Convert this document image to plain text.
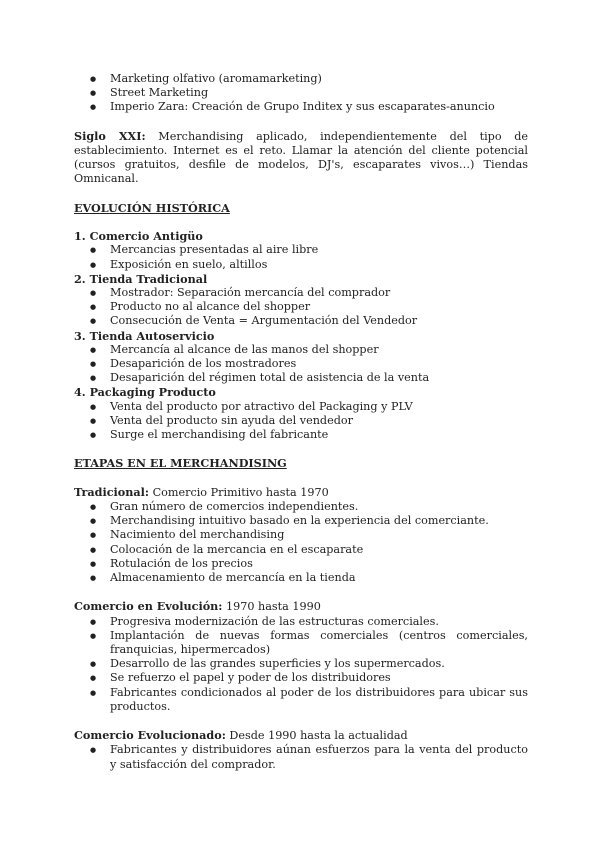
● Marketing olfativo (aromamarketing)
● Street Marketing
● Imperio Zara: Creación de Grupo Inditex y sus escaparates-anuncio

Siglo XXI: Merchandising aplicado, independientemente del tipo de establecimiento. Internet es el reto. Llamar la atención del cliente potencial (cursos gratuitos, desfile de modelos, DJ's, escaparates vivos…) Tiendas Omnicanal.

EVOLUCIÓN HISTÓRICA

1. Comercio Antigüo

● Mercancias presentadas al aire libre
● Exposición en suelo, altillos

2. Tienda Tradicional

● Mostrador: Separación mercancía del comprador
● Producto no al alcance del shopper
● Consecución de Venta = Argumentación del Vendedor

3. Tienda Autoservicio

● Mercancía al alcance de las manos del shopper
● Desaparición de los mostradores
● Desaparición del régimen total de asistencia de la venta

4. Packaging Producto

● Venta del producto por atractivo del Packaging y PLV
● Venta del producto sin ayuda del vendedor
● Surge el merchandising del fabricante

ETAPAS EN EL MERCHANDISING

Tradicional: Comercio Primitivo hasta 1970

● Gran número de comercios independientes.
● Merchandising intuitivo basado en la experiencia del comerciante.
● Nacimiento del merchandising
● Colocación de la mercancia en el escaparate
● Rotulación de los precios
● Almacenamiento de mercancía en la tienda

Comercio en Evolución: 1970 hasta 1990

● Progresiva modernización de las estructuras comerciales.
● Implantación de nuevas formas comerciales (centros comerciales, franquicias, hipermercados)
● Desarrollo de las grandes superficies y los supermercados.
● Se refuerzo el papel y poder de los distribuidores
● Fabricantes condicionados al poder de los distribuidores para ubicar sus productos.

Comercio Evolucionado: Desde 1990 hasta la actualidad

● Fabricantes y distribuidores aúnan esfuerzos para la venta del producto y satisfacción del comprador.
